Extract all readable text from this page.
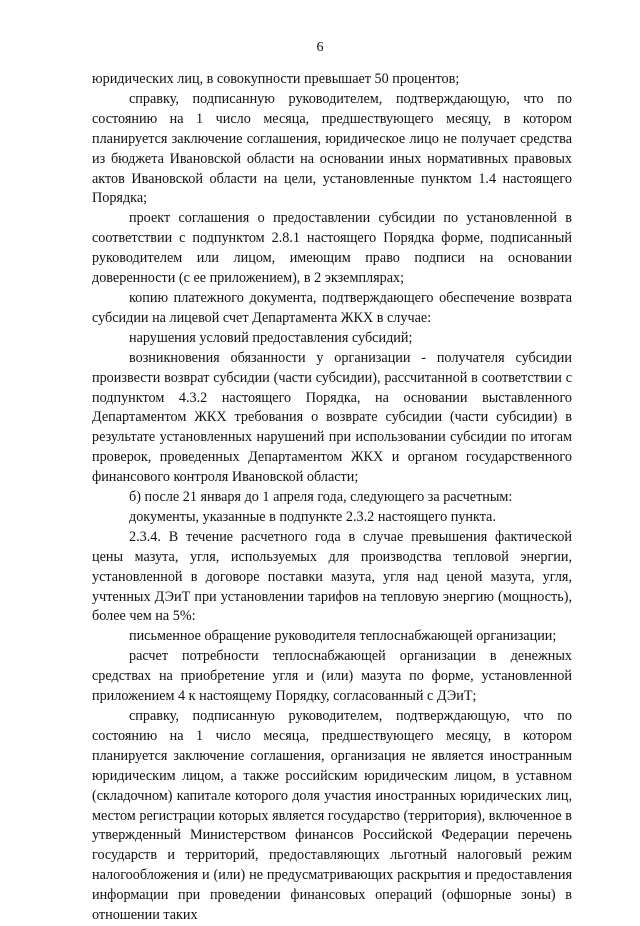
6

юридических лиц, в совокупности превышает 50 процентов;

справку, подписанную руководителем, подтверждающую, что по состоянию на 1 число месяца, предшествующего месяцу, в котором планируется заключение соглашения, юридическое лицо не получает средства из бюджета Ивановской области на основании иных нормативных правовых актов Ивановской области на цели, установленные пунктом 1.4 настоящего Порядка;

проект соглашения о предоставлении субсидии по установленной в соответствии с подпунктом 2.8.1 настоящего Порядка форме, подписанный руководителем или лицом, имеющим право подписи на основании доверенности (с ее приложением), в 2 экземплярах;

копию платежного документа, подтверждающего обеспечение возврата субсидии на лицевой счет Департамента ЖКХ в случае:

нарушения условий предоставления субсидий;

возникновения обязанности у организации - получателя субсидии произвести возврат субсидии (части субсидии), рассчитанной в соответствии с подпунктом 4.3.2 настоящего Порядка, на основании выставленного Департаментом ЖКХ требования о возврате субсидии (части субсидии) в результате установленных нарушений при использовании субсидии по итогам проверок, проведенных Департаментом ЖКХ и органом государственного финансового контроля Ивановской области;

б) после 21 января до 1 апреля года, следующего за расчетным:

документы, указанные в подпункте 2.3.2 настоящего пункта.

2.3.4. В течение расчетного года в случае превышения фактической цены мазута, угля, используемых для производства тепловой энергии, установленной в договоре поставки мазута, угля над ценой мазута, угля, учтенных ДЭиТ при установлении тарифов на тепловую энергию (мощность), более чем на 5%:

письменное обращение руководителя теплоснабжающей организации;

расчет потребности теплоснабжающей организации в денежных средствах на приобретение угля и (или) мазута по форме, установленной приложением 4 к настоящему Порядку, согласованный с ДЭиТ;

справку, подписанную руководителем, подтверждающую, что по состоянию на 1 число месяца, предшествующего месяцу, в котором планируется заключение соглашения, организация не является иностранным юридическим лицом, а также российским юридическим лицом, в уставном (складочном) капитале которого доля участия иностранных юридических лиц, местом регистрации которых является государство (территория), включенное в утвержденный Министерством финансов Российской Федерации перечень государств и территорий, предоставляющих льготный налоговый режим налогообложения и (или) не предусматривающих раскрытия и предоставления информации при проведении финансовых операций (офшорные зоны) в отношении таких
